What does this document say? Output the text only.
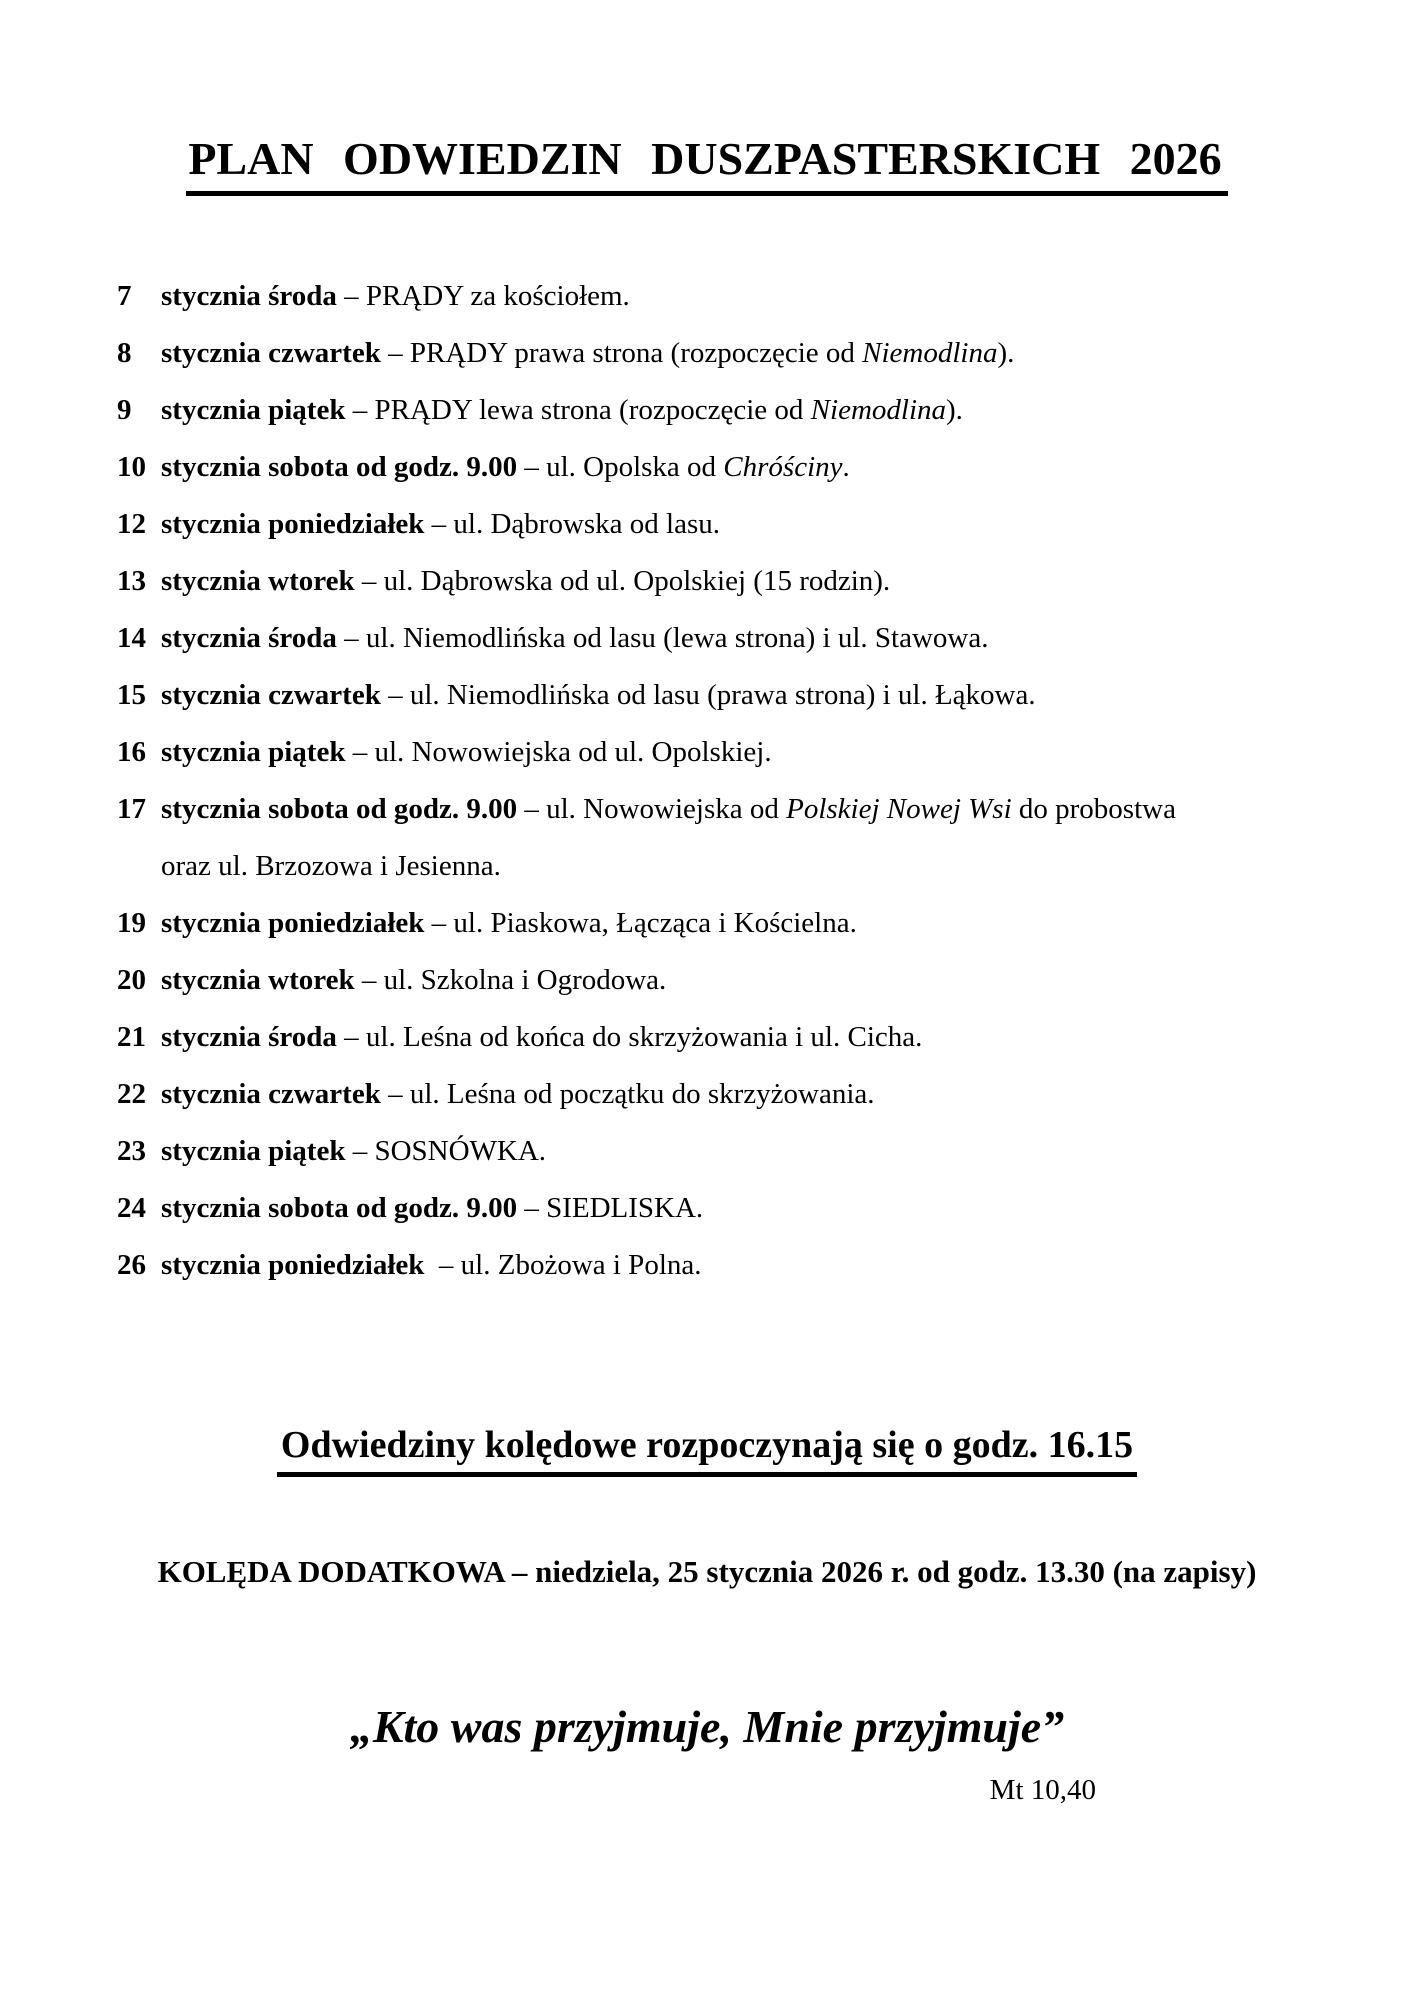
PLAN ODWIEDZIN DUSZPASTERSKICH 2026
7	stycznia środa – PRĄDY za kościołem.
8	stycznia czwartek – PRĄDY prawa strona (rozpoczęcie od Niemodlina).
9	stycznia piątek – PRĄDY lewa strona (rozpoczęcie od Niemodlina).
10 stycznia sobota od godz. 9.00 – ul. Opolska od Chróściny.
12 stycznia poniedziałek – ul. Dąbrowska od lasu.
13 stycznia wtorek – ul. Dąbrowska od ul. Opolskiej (15 rodzin).
14 stycznia środa – ul. Niemodlińska od lasu (lewa strona) i ul. Stawowa.
15 stycznia czwartek – ul. Niemodlińska od lasu (prawa strona) i ul. Łąkowa.
16 stycznia piątek – ul. Nowowiejska od ul. Opolskiej.
17 stycznia sobota od godz. 9.00 – ul. Nowowiejska od Polskiej Nowej Wsi do probostwa
oraz ul. Brzozowa i Jesienna.
19 stycznia poniedziałek – ul. Piaskowa, Łącząca i Kościelna.
20 stycznia wtorek – ul. Szkolna i Ogrodowa.
21 stycznia środa – ul. Leśna od końca do skrzyżowania i ul. Cicha.
22 stycznia czwartek – ul. Leśna od początku do skrzyżowania.
23 stycznia piątek – SOSNÓWKA.
24 stycznia sobota od godz. 9.00 – SIEDLISKA.
26 stycznia poniedziałek  – ul. Zbożowa i Polna.
Odwiedziny kolędowe rozpoczynają się o godz. 16.15

KOLĘDA DODATKOWA – niedziela, 25 stycznia 2026 r. od godz. 13.30 (na zapisy)

„Kto was przyjmuje, Mnie przyjmuje”

Mt 10,40
